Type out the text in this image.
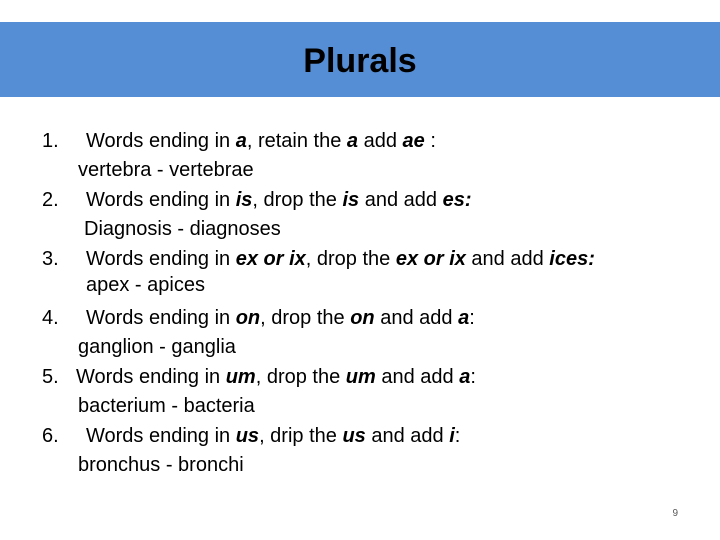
Plurals
1. Words ending in a, retain the a add ae :
vertebra - vertebrae
2. Words ending in is, drop the is and add es:
Diagnosis - diagnoses
3. Words ending in ex or ix, drop the ex or ix and add ices:
apex - apices
4. Words ending in on, drop the on and add a:
ganglion - ganglia
5. Words ending in um, drop the um and add a:
bacterium - bacteria
6. Words ending in us, drip the us and add i:
bronchus - bronchi
9
